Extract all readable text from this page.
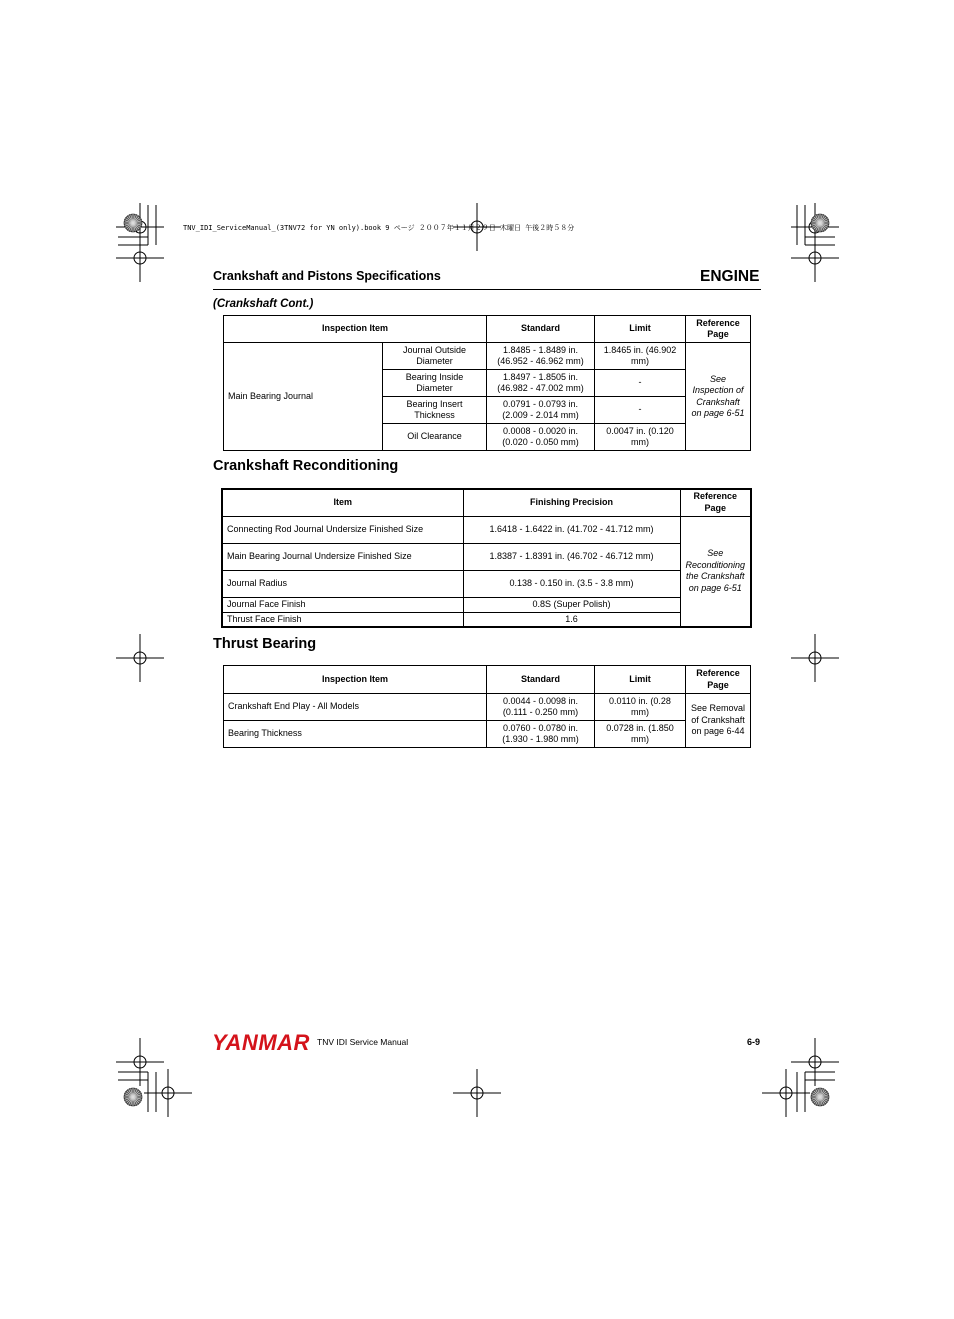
TNV_IDI_ServiceManual_(3TNV72 for YN only).book 9 ページ ２００７年１１月２９日 木曜日 午後２時５８分
Crankshaft and Pistons Specifications	ENGINE
(Crankshaft Cont.)
Inspection Item		Standard	Limit	Reference Page
Main Bearing Journal	Journal Outside Diameter	1.8485 - 1.8489 in. (46.952 - 46.962 mm)	1.8465 in. (46.902 mm)	See Inspection of Crankshaft on page 6-51
	Bearing Inside Diameter	1.8497 - 1.8505 in. (46.982 - 47.002 mm)	-	
	Bearing Insert Thickness	0.0791 - 0.0793 in. (2.009 - 2.014 mm)	-	
	Oil Clearance	0.0008 - 0.0020 in. (0.020 - 0.050 mm)	0.0047 in. (0.120 mm)	
Crankshaft Reconditioning
Item	Finishing Precision	Reference Page
Connecting Rod Journal Undersize Finished Size	1.6418 - 1.6422 in. (41.702 - 41.712 mm)	See Reconditioning the Crankshaft on page 6-51
Main Bearing Journal Undersize Finished Size	1.8387 - 1.8391 in. (46.702 - 46.712 mm)	
Journal Radius	0.138 - 0.150 in. (3.5 - 3.8 mm)	
Journal Face Finish	0.8S (Super Polish)	
Thrust Face Finish	1.6	
Thrust Bearing
Inspection Item	Standard	Limit	Reference Page
Crankshaft End Play - All Models	0.0044 - 0.0098 in. (0.111 - 0.250 mm)	0.0110 in. (0.28 mm)	See Removal of Crankshaft on page 6-44
Bearing Thickness	0.0760 - 0.0780 in. (1.930 - 1.980 mm)	0.0728 in. (1.850 mm)	
YANMAR TNV IDI Service Manual	6-9
